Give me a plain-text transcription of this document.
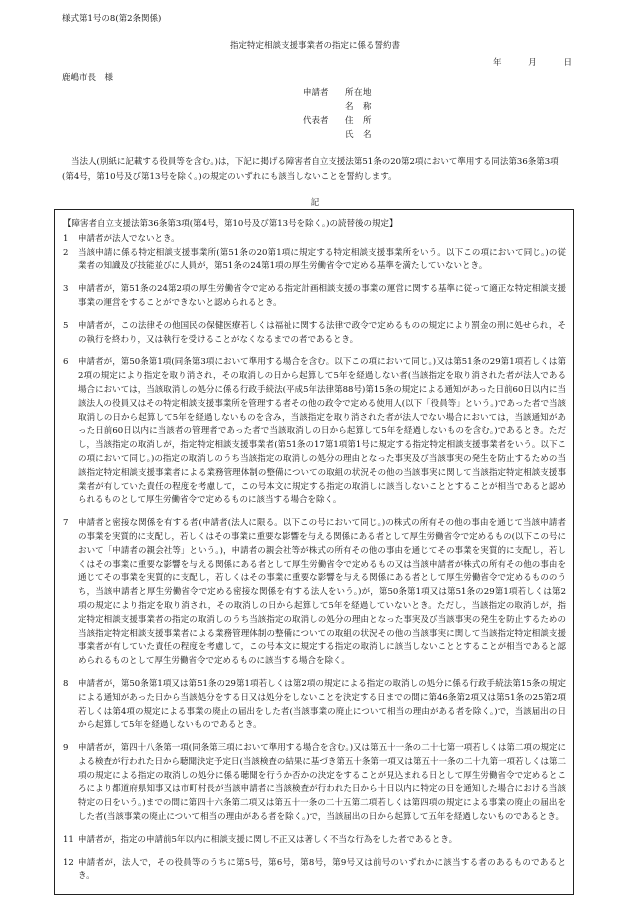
様式第1号の8(第2条関係)
指定特定相談支援事業者の指定に係る誓約書
年	月	日
鹿嶋市長　様
申請者	所在地
名　称
代表者	住　所
氏　名
当法人(別紙に記載する役員等を含む。)は，下記に掲げる障害者自立支援法第51条の20第2項において準用する同法第36条第3項(第4号，第10号及び第13号を除く。)の規定のいずれにも該当しないことを誓約します。
記
【障害者自立支援法第36条第3項(第4号，第10号及び第13号を除く。)の読替後の規定】
1	申請者が法人でないとき。
2	当該申請に係る特定相談支援事業所(第51条の20第1項に規定する特定相談支援事業所をいう。以下この項において同じ。)の従業者の知識及び技能並びに人員が，第51条の24第1項の厚生労働省令で定める基準を満たしていないとき。
3	申請者が，第51条の24第2項の厚生労働省令で定める指定計画相談支援の事業の運営に関する基準に従って適正な特定相談支援事業の運営をすることができないと認められるとき。
5	申請者が，この法律その他国民の保健医療若しくは福祉に関する法律で政令で定めるものの規定により罰金の刑に処せられ，その執行を終わり，又は執行を受けることがなくなるまでの者であるとき。
6	申請者が，第50条第1項(同条第3項において準用する場合を含む。以下この項において同じ。)又は第51条の29第1項若しくは第2項の規定により指定を取り消され，その取消しの日から起算して5年を経過しない者(当該指定を取り消された者が法人である場合においては，当該取消しの処分に係る行政手続法(平成5年法律第88号)第15条の規定による通知があった日前60日以内に当該法人の役員又はその特定相談支援事業所を管理する者その他の政令で定める使用人(以下「役員等」という。)であった者で当該取消しの日から起算して5年を経過しないものを含み，当該指定を取り消された者が法人でない場合においては，当該通知があった日前60日以内に当該者の管理者であった者で当該取消しの日から起算して5年を経過しないものを含む。)であるとき。ただし，当該指定の取消しが，指定特定相談支援事業者(第51条の17第1項第1号に規定する指定特定相談支援事業者をいう。以下この項において同じ。)の指定の取消しのうち当該指定の取消しの処分の理由となった事実及び当該事実の発生を防止するための当該指定特定相談支援事業者による業務管理体制の整備についての取組の状況その他の当該事実に関して当該指定特定相談支援事業者が有していた責任の程度を考慮して，この号本文に規定する指定の取消しに該当しないこととすることが相当であると認められるものとして厚生労働省令で定めるものに該当する場合を除く。
7	申請者と密接な関係を有する者(申請者(法人に限る。以下この号において同じ。)の株式の所有その他の事由を通じて当該申請者の事業を実質的に支配し，若しくはその事業に重要な影響を与える関係にある者として厚生労働省令で定めるもの(以下この号において「申請者の親会社等」という。)，申請者の親会社等が株式の所有その他の事由を通じてその事業を実質的に支配し，若しくはその事業に重要な影響を与える関係にある者として厚生労働省令で定めるもの又は当該申請者が株式の所有その他の事由を通じてその事業を実質的に支配し，若しくはその事業に重要な影響を与える関係にある者として厚生労働省令で定めるもののうち，当該申請者と厚生労働省令で定める密接な関係を有する法人をいう。)が，第50条第1項又は第51条の29第1項若しくは第2項の規定により指定を取り消され，その取消しの日から起算して5年を経過していないとき。ただし，当該指定の取消しが，指定特定相談支援事業者の指定の取消しのうち当該指定の取消しの処分の理由となった事実及び当該事実の発生を防止するための当該指定特定相談支援事業者による業務管理体制の整備についての取組の状況その他の当該事実に関して当該指定特定相談支援事業者が有していた責任の程度を考慮して，この号本文に規定する指定の取消しに該当しないこととすることが相当であると認められるものとして厚生労働省令で定めるものに該当する場合を除く。
8	申請者が，第50条第1項又は第51条の29第1項若しくは第2項の規定による指定の取消しの処分に係る行政手続法第15条の規定による通知があった日から当該処分をする日又は処分をしないことを決定する日までの間に第46条第2項又は第51条の25第2項若しくは第4項の規定による事業の廃止の届出をした者(当該事業の廃止について相当の理由がある者を除く。)で，当該届出の日から起算して5年を経過しないものであるとき。
9	申請者が，第四十八条第一項(同条第三項において準用する場合を含む。)又は第五十一条の二十七第一項若しくは第二項の規定による検査が行われた日から聴聞決定予定日(当該検査の結果に基づき第五十条第一項又は第五十一条の二十九第一項若しくは第二項の規定による指定の取消しの処分に係る聴聞を行うか否かの決定をすることが見込まれる日として厚生労働省令で定めるところにより都道府県知事又は市町村長が当該申請者に当該検査が行われた日から十日以内に特定の日を通知した場合における当該特定の日をいう。)までの間に第四十六条第二項又は第五十一条の二十五第二項若しくは第四項の規定による事業の廃止の届出をした者(当該事業の廃止について相当の理由がある者を除く。)で，当該届出の日から起算して五年を経過しないものであるとき。
11 申請者が，指定の申請前5年以内に相談支援に関し不正又は著しく不当な行為をした者であるとき。
12 申請者が，法人で，その役員等のうちに第5号，第6号，第8号，第9号又は前号のいずれかに該当する者のあるものであるとき。
